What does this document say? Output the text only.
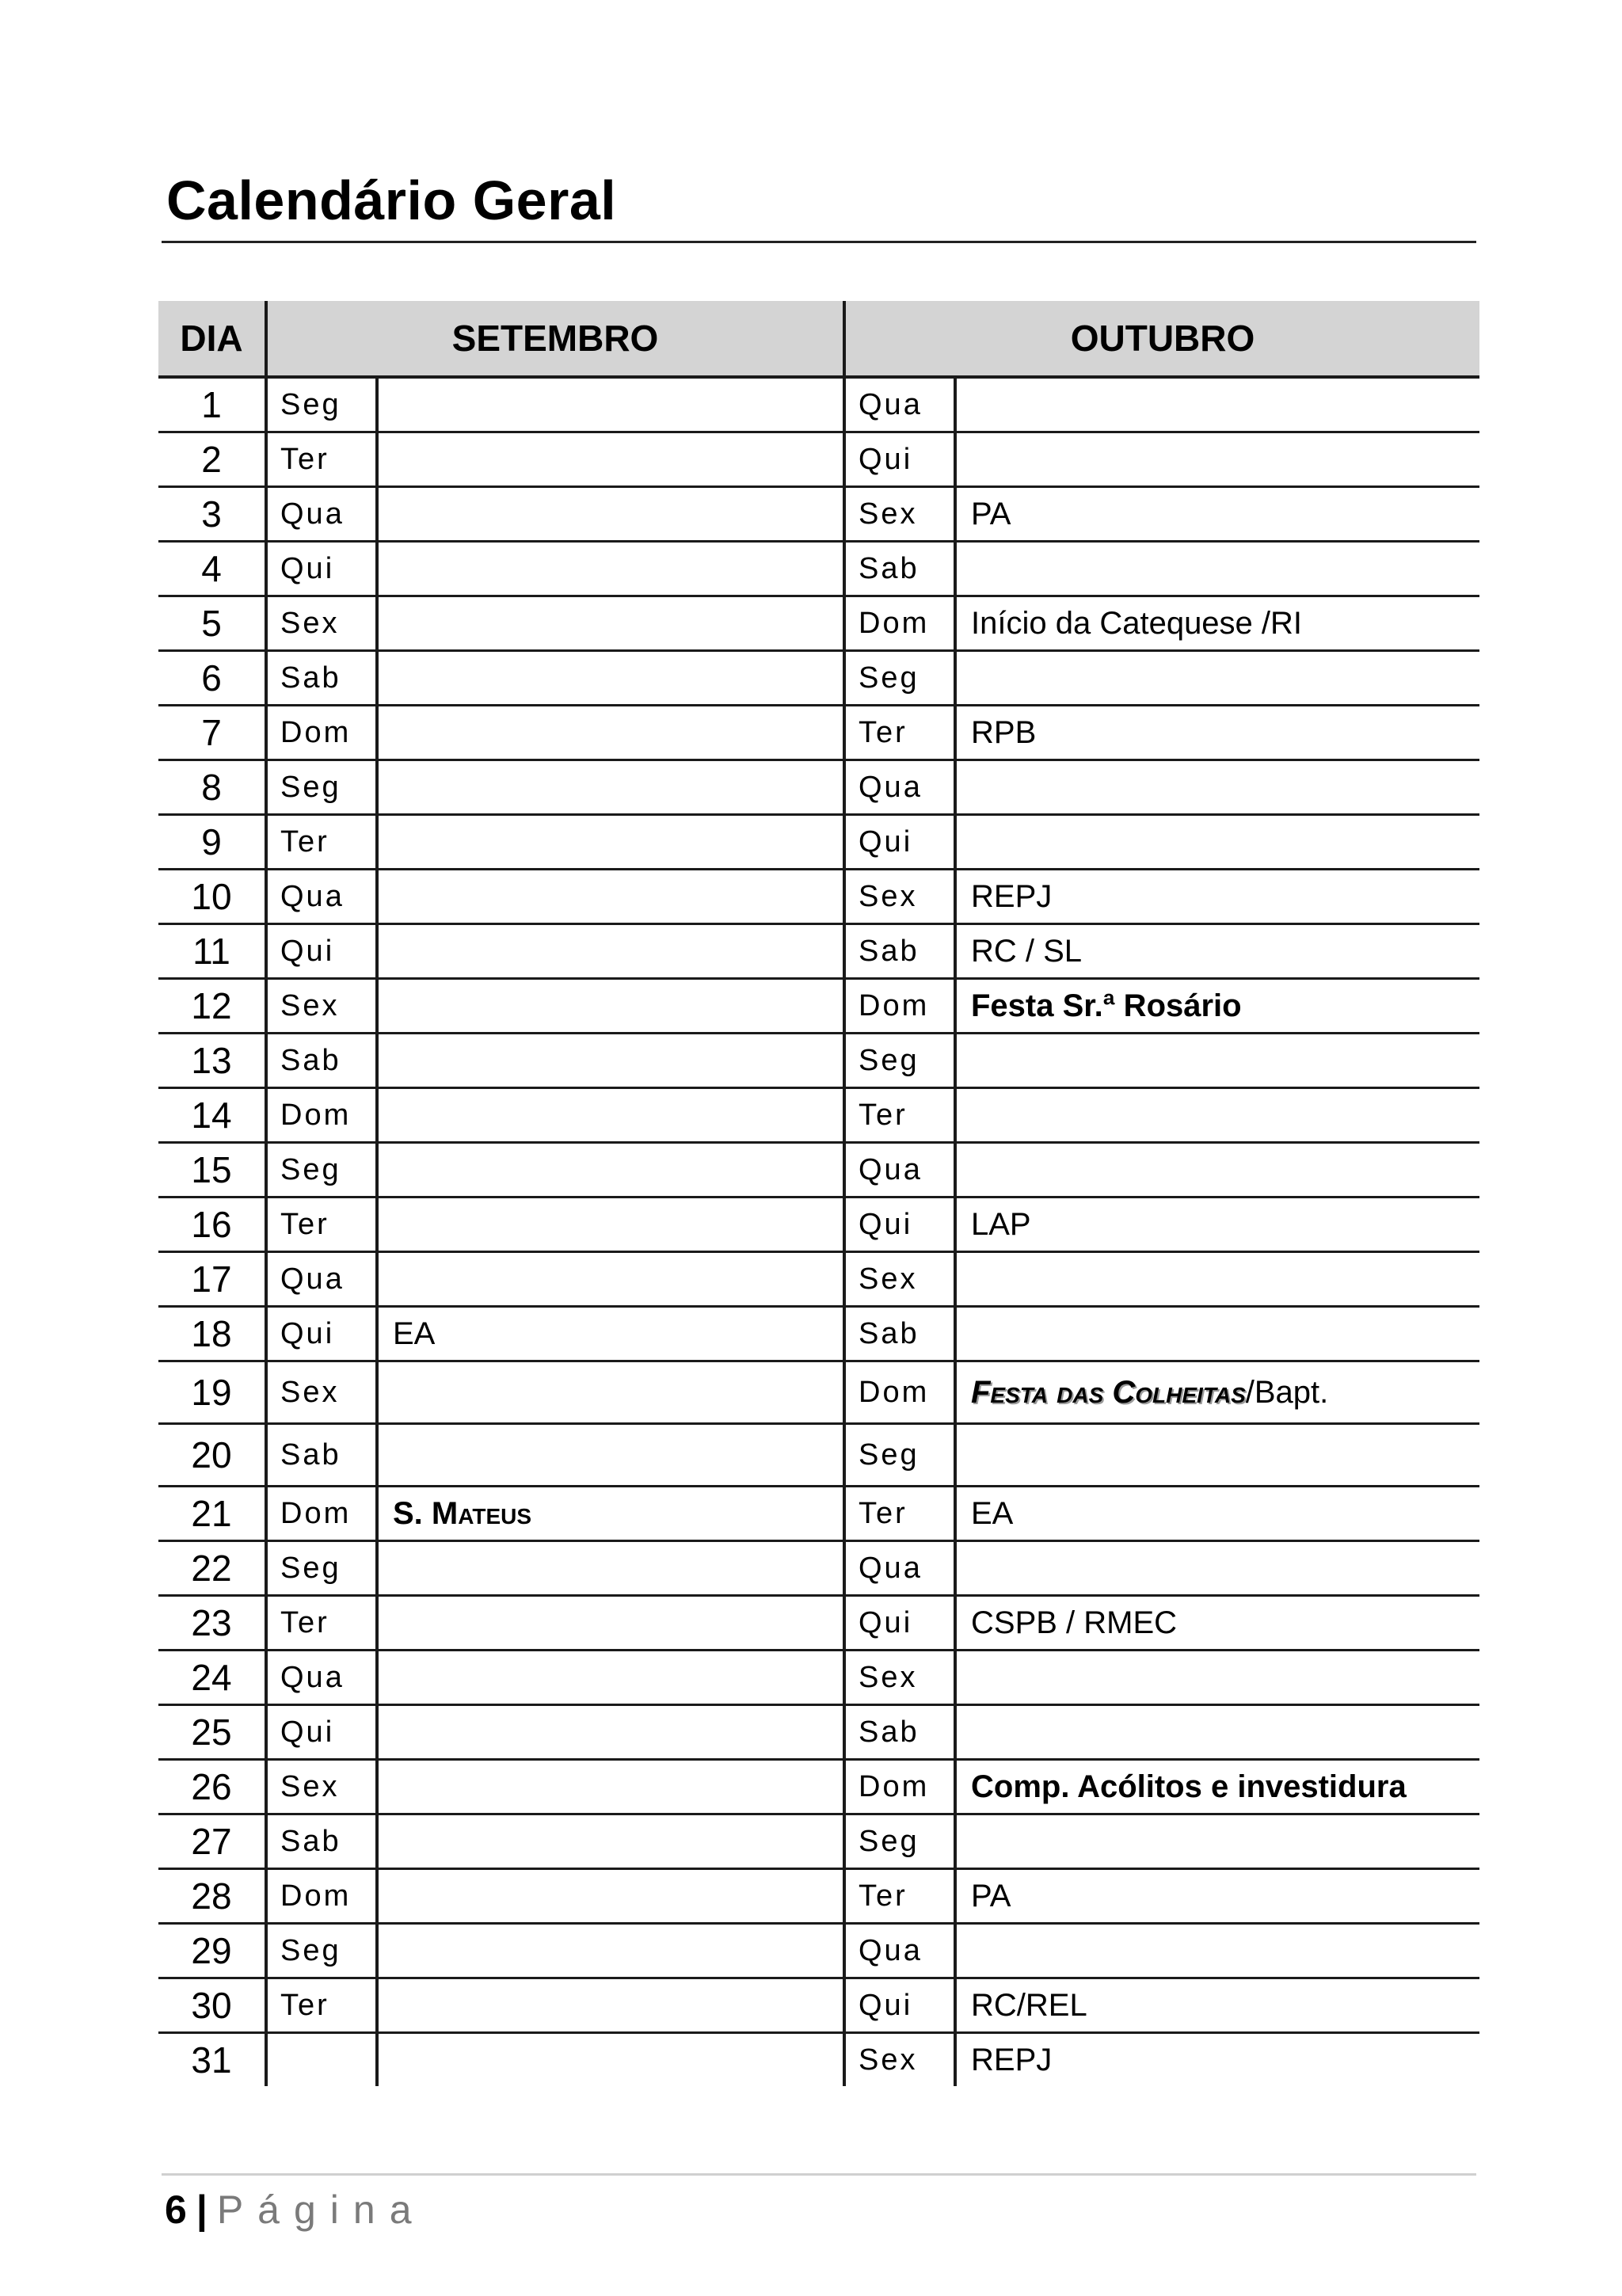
Calendário Geral
DIA	SETEMBRO		OUTUBRO	
1	Seg		Qua	
2	Ter		Qui	
3	Qua		Sex	PA
4	Qui		Sab	
5	Sex		Dom	Início da Catequese /RI
6	Sab		Seg	
7	Dom		Ter	RPB
8	Seg		Qua	
9	Ter		Qui	
10	Qua		Sex	REPJ
11	Qui		Sab	RC / SL
12	Sex		Dom	Festa Sr.ª Rosário
13	Sab		Seg	
14	Dom		Ter	
15	Seg		Qua	
16	Ter		Qui	LAP
17	Qua		Sex	
18	Qui	EA	Sab	
19	Sex		Dom	Festa das Colheitas/Bapt.
20	Sab		Seg	
21	Dom	S. Mateus	Ter	EA
22	Seg		Qua	
23	Ter		Qui	CSPB / RMEC
24	Qua		Sex	
25	Qui		Sab	
26	Sex		Dom	Comp. Acólitos e investidura
27	Sab		Seg	
28	Dom		Ter	PA
29	Seg		Qua	
30	Ter		Qui	RC/REL
31			Sex	REPJ
6 | Página
